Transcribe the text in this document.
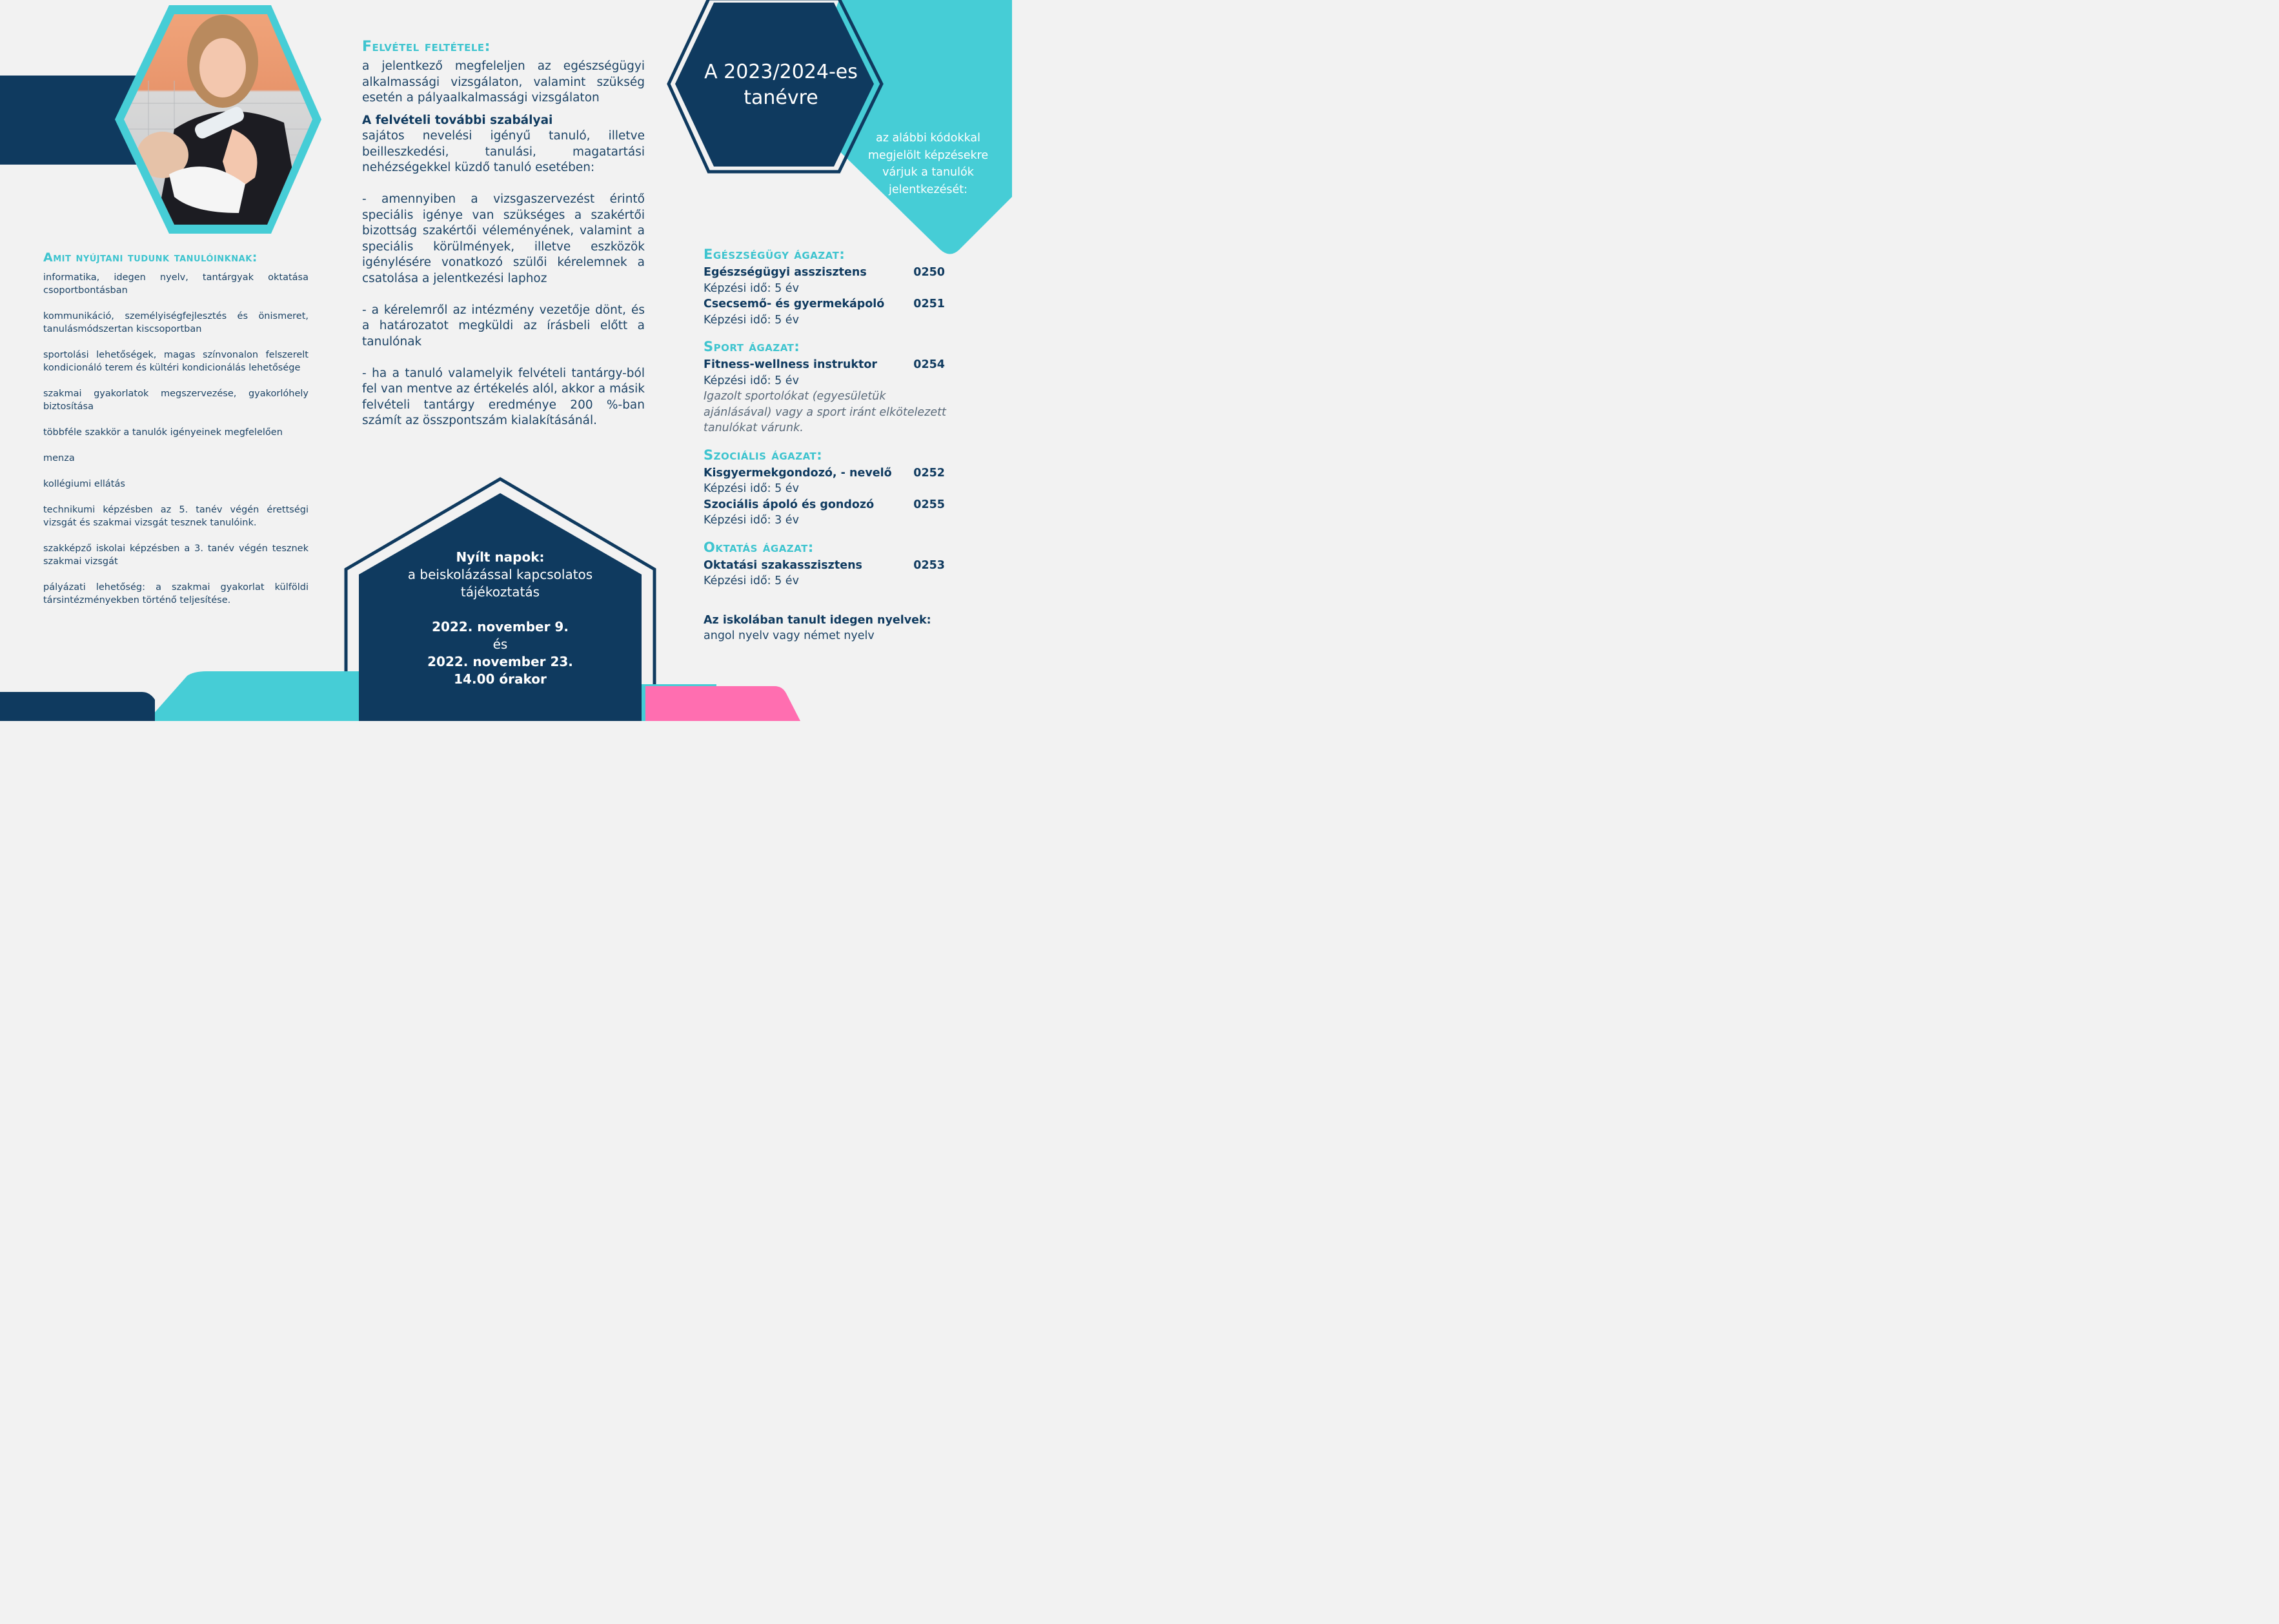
Amit nyújtani tudunk tanulóinknak:

informatika, idegen nyelv, tantárgyak oktatása csoportbontásban

kommunikáció, személyiségfejlesztés és önismeret, tanulásmódszertan kiscsoportban

sportolási lehetőségek, magas színvonalon felszerelt kondicionáló terem és kültéri kondicionálás lehetősége

szakmai gyakorlatok megszervezése, gyakorlóhely biztosítása

többféle szakkör a tanulók igényeinek megfelelően

menza

kollégiumi ellátás

technikumi képzésben az 5. tanév végén érettségi vizsgát és szakmai vizsgát tesznek tanulóink.

szakképző iskolai képzésben a 3. tanév végén tesznek szakmai vizsgát

pályázati lehetőség: a szakmai gyakorlat külföldi társintézményekben történő teljesítése.

Felvétel feltétele:

a jelentkező megfeleljen az egészségügyi alkalmassági vizsgálaton, valamint szükség esetén a pályaalkalmassági vizsgálaton

A felvételi további szabályai

sajátos nevelési igényű tanuló, illetve beilleszkedési, tanulási, magatartási nehézségekkel küzdő tanuló esetében:

- amennyiben a vizsgaszervezést érintő speciális igénye van szükséges a szakértői bizottság szakértői véleményének, valamint a speciális körülmények, illetve eszközök igénylésére vonatkozó szülői kérelemnek a csatolása a jelentkezési laphoz

- a kérelemről az intézmény vezetője dönt, és a határozatot megküldi az írásbeli előtt a tanulónak

- ha a tanuló valamelyik felvételi tantárgy-ból fel van mentve az értékelés alól, akkor a másik felvételi tantárgy eredménye 200 %-ban számít az összpontszám kialakításánál.

A 2023/2024-es
tanévre
az alábbi kódokkal megjelölt képzésekre várjuk a tanulók jelentkezését:
Nyílt napok:
a beiskolázással kapcsolatos tájékoztatás
2022. november 9.
és
2022. november 23.
14.00 órakor
Egészségügy ágazat:
Egészségügyi asszisztens	0250
Képzési idő: 5 év
Csecsemő- és gyermekápoló	0251
Képzési idő: 5 év
Sport ágazat:
Fitness-wellness instruktor	0254
Képzési idő: 5 év
Igazolt sportolókat (egyesületük ajánlásával) vagy a sport iránt elkötelezett tanulókat várunk.
Szociális ágazat:
Kisgyermekgondozó, - nevelő 0252
Képzési idő: 5 év
Szociális ápoló és gondozó	0255
Képzési idő: 3 év
Oktatás ágazat:
Oktatási szakasszisztens	0253
Képzési idő: 5 év
Az iskolában tanult idegen nyelvek:
angol nyelv vagy német nyelv
